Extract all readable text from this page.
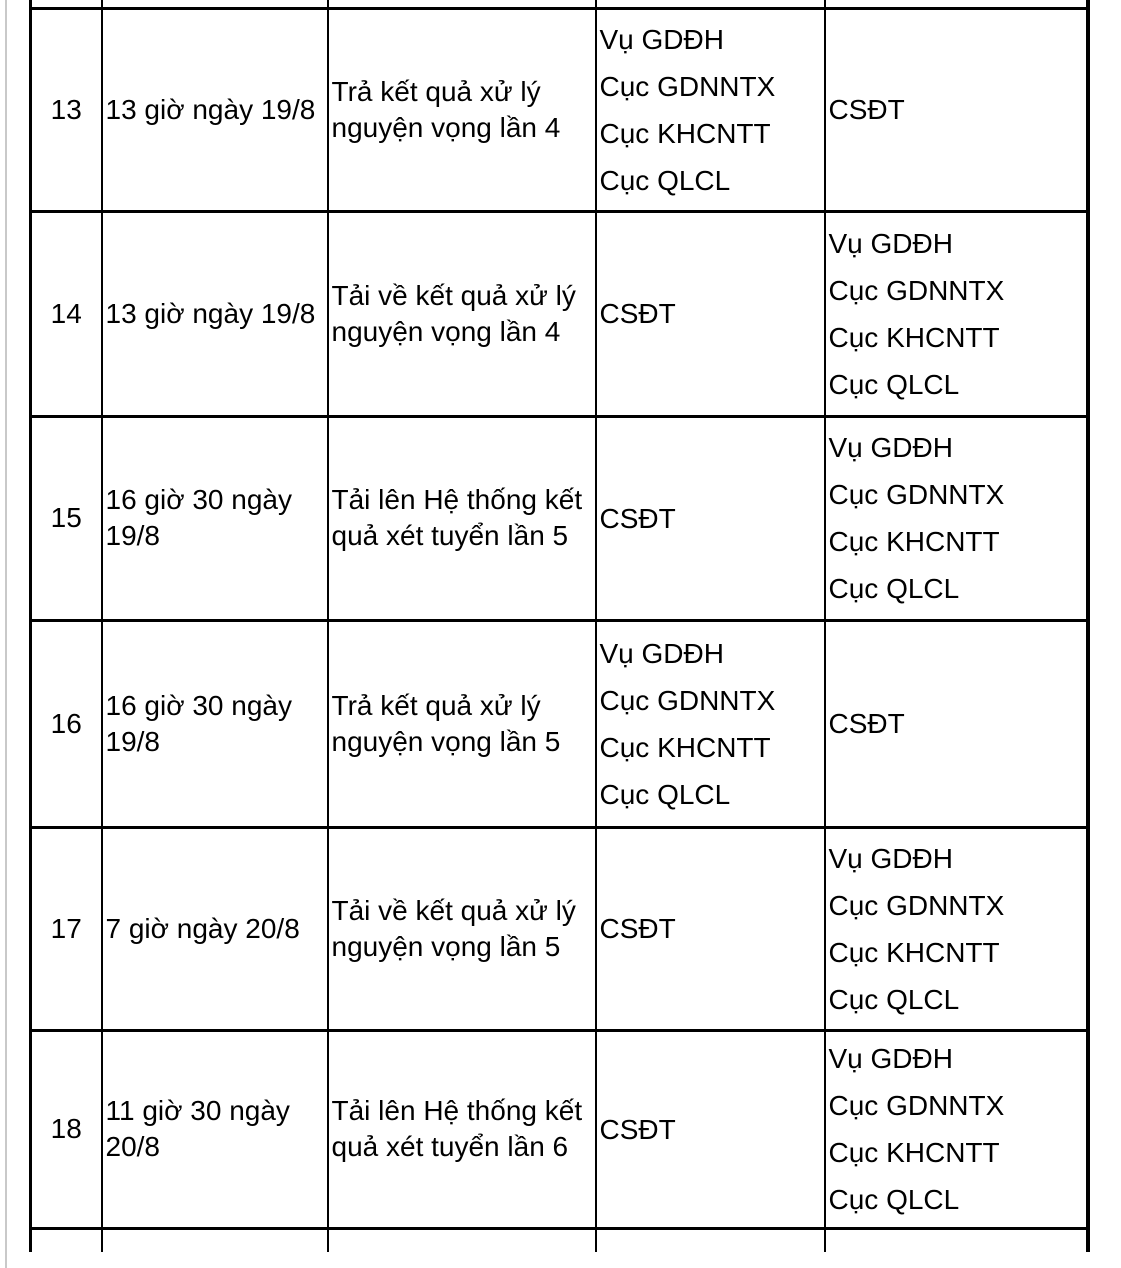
13	13 giờ ngày 19/8	Trả kết quả xử lý nguyện vọng lần 4	Vụ GDĐH
Cục GDNNTX
Cục KHCNTT
Cục QLCL	CSĐT

14	13 giờ ngày 19/8	Tải về kết quả xử lý nguyện vọng lần 4	CSĐT	Vụ GDĐH
Cục GDNNTX
Cục KHCNTT
Cục QLCL

15	16 giờ 30 ngày 19/8	Tải lên Hệ thống kết quả xét tuyển lần 5	CSĐT	Vụ GDĐH
Cục GDNNTX
Cục KHCNTT
Cục QLCL

16	16 giờ 30 ngày 19/8	Trả kết quả xử lý nguyện vọng lần 5	Vụ GDĐH
Cục GDNNTX
Cục KHCNTT
Cục QLCL	CSĐT

17	7 giờ ngày 20/8	Tải về kết quả xử lý nguyện vọng lần 5	CSĐT	Vụ GDĐH
Cục GDNNTX
Cục KHCNTT
Cục QLCL

18	11 giờ 30 ngày 20/8	Tải lên Hệ thống kết quả xét tuyển lần 6	CSĐT	Vụ GDĐH
Cục GDNNTX
Cục KHCNTT
Cục QLCL
